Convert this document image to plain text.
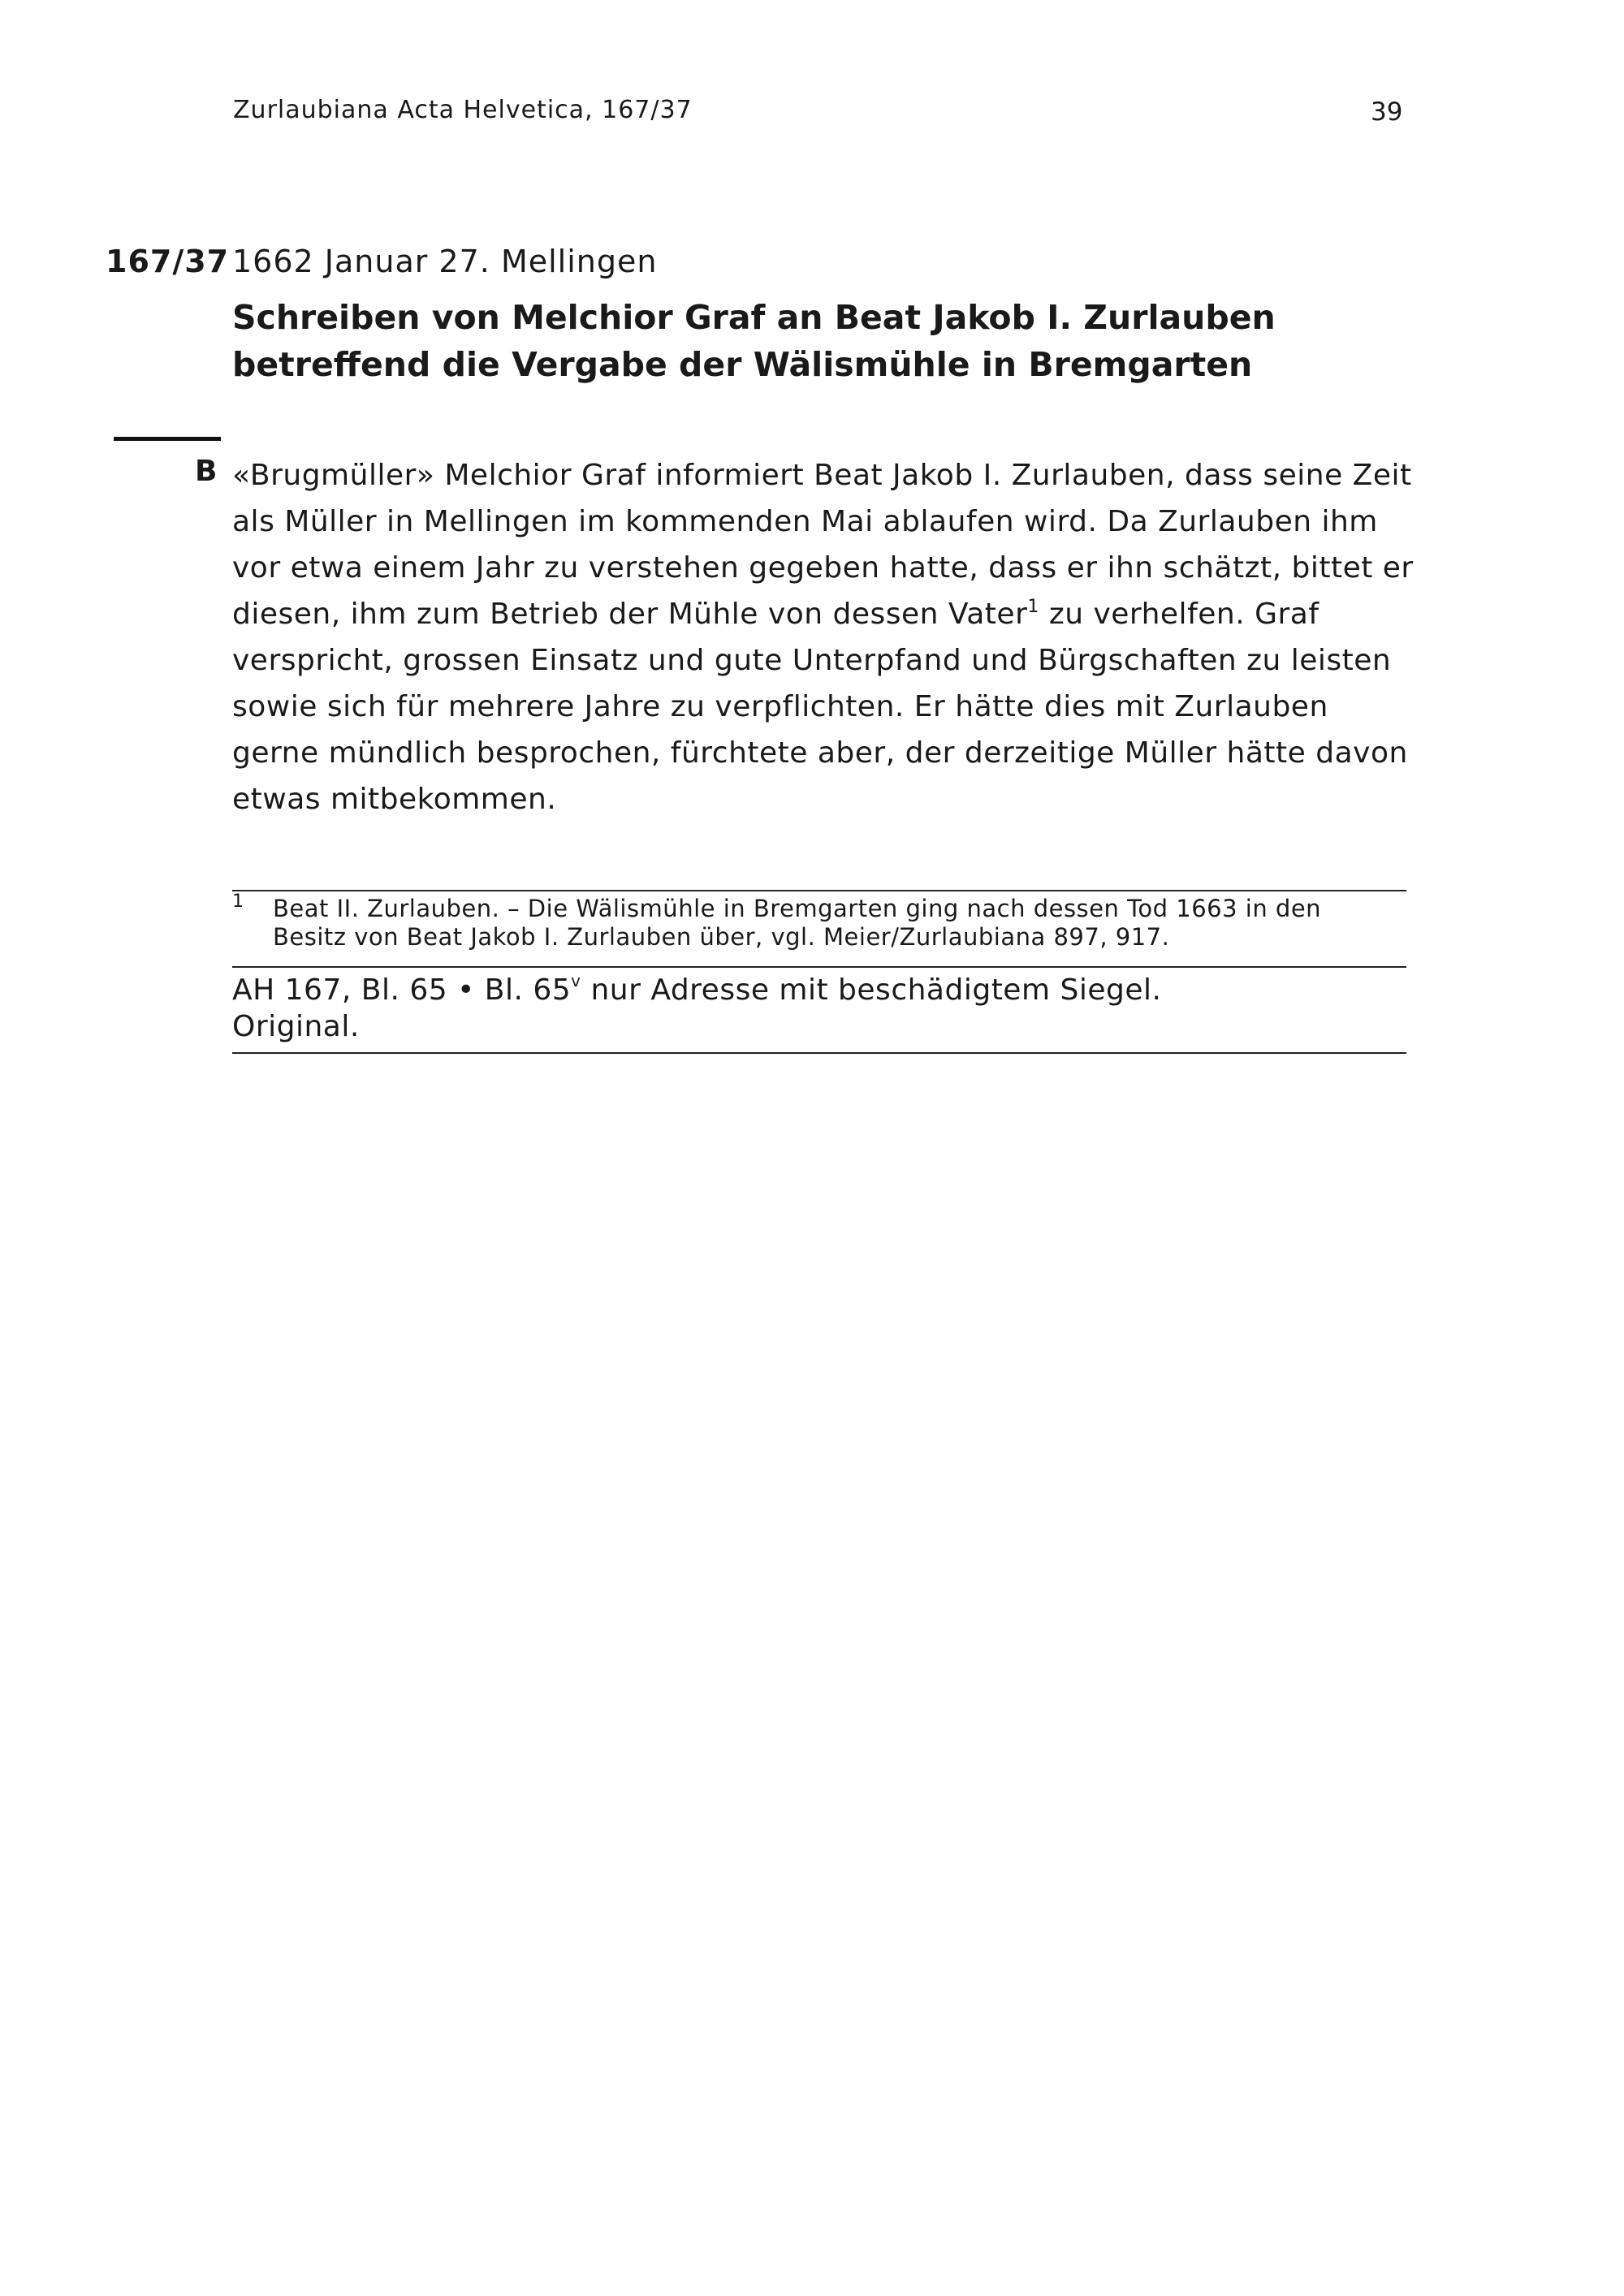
Zurlaubiana Acta Helvetica, 167/37	39
167/37 1662 Januar 27. Mellingen
Schreiben von Melchior Graf an Beat Jakob I. Zurlauben
betreffend die Vergabe der Wälismühle in Bremgarten
B «Brugmüller» Melchior Graf informiert Beat Jakob I. Zurlauben, dass seine Zeit als Müller in Mellingen im kommenden Mai ablaufen wird. Da Zurlauben ihm vor etwa einem Jahr zu verstehen gegeben hatte, dass er ihn schätzt, bittet er diesen, ihm zum Betrieb der Mühle von dessen Vater$^1$ zu verhelfen. Graf verspricht, grossen Einsatz und gute Unterpfand und Bürgschaften zu leisten sowie sich für mehrere Jahre zu verpflichten. Er hätte dies mit Zurlauben gerne mündlich besprochen, fürchtete aber, der derzeitige Müller hätte davon etwas mitbekommen.

1 Beat II. Zurlauben. – Die Wälismühle in Bremgarten ging nach dessen Tod 1663 in den Besitz von Beat Jakob I. Zurlauben über, vgl. Meier/Zurlaubiana 897, 917.

AH 167, Bl. 65 • Bl. 65$^v$ nur Adresse mit beschädigtem Siegel.
Original.
